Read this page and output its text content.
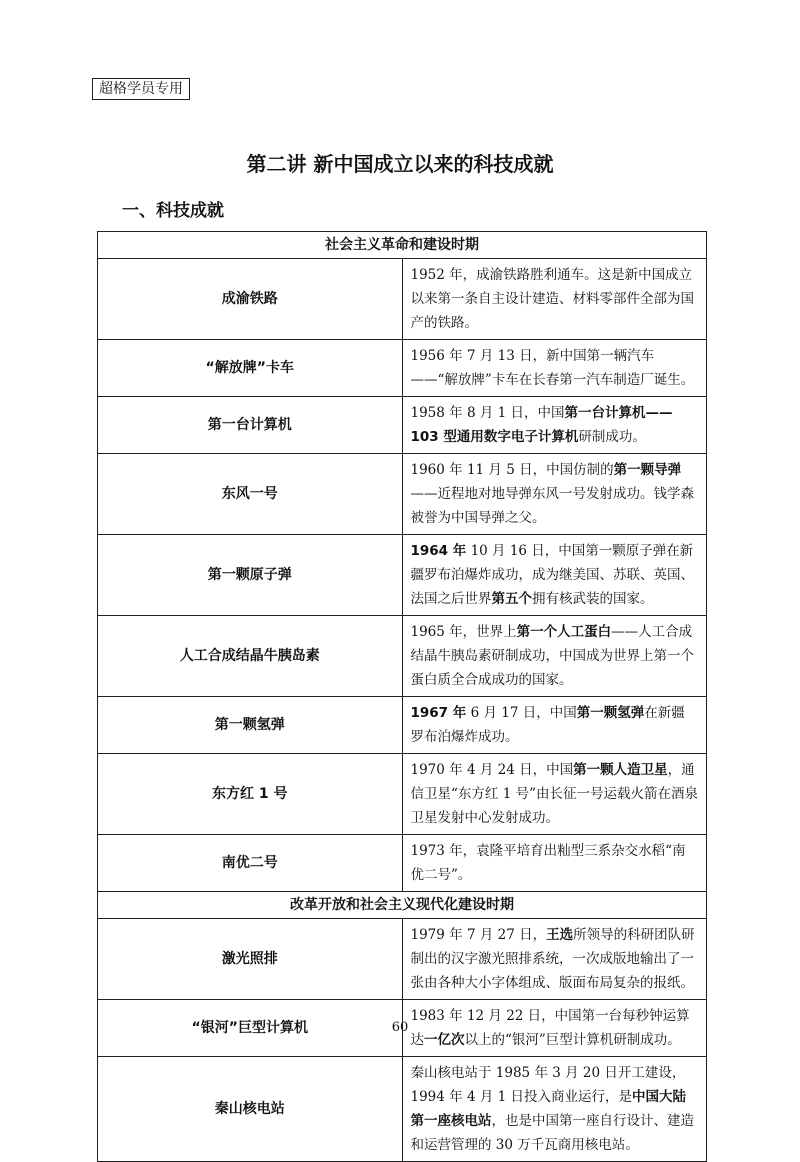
超格学员专用
第二讲 新中国成立以来的科技成就
一、科技成就
社会主义革命和建设时期	
成渝铁路	1952 年，成渝铁路胜利通车。这是新中国成立以来第一条自主设计建造、材料零部件全部为国产的铁路。
“解放牌”卡车	1956 年 7 月 13 日，新中国第一辆汽车——“解放牌”卡车在长春第一汽车制造厂诞生。
第一台计算机	1958 年 8 月 1 日，中国第一台计算机——103 型通用数字电子计算机研制成功。
东风一号	1960 年 11 月 5 日，中国仿制的第一颗导弹——近程地对地导弹东风一号发射成功。钱学森被誉为中国导弹之父。
第一颗原子弹	1964 年 10 月 16 日，中国第一颗原子弹在新疆罗布泊爆炸成功，成为继美国、苏联、英国、法国之后世界第五个拥有核武装的国家。
人工合成结晶牛胰岛素	1965 年，世界上第一个人工蛋白——人工合成结晶牛胰岛素研制成功，中国成为世界上第一个蛋白质全合成成功的国家。
第一颗氢弹	1967 年 6 月 17 日，中国第一颗氢弹在新疆罗布泊爆炸成功。
东方红 1 号	1970 年 4 月 24 日，中国第一颗人造卫星，通信卫星“东方红 1 号”由长征一号运载火箭在酒泉卫星发射中心发射成功。
南优二号	1973 年，袁隆平培育出籼型三系杂交水稻“南优二号”。
改革开放和社会主义现代化建设时期	
激光照排	1979 年 7 月 27 日，王选所领导的科研团队研制出的汉字激光照排系统，一次成版地输出了一张由各种大小字体组成、版面布局复杂的报纸。
“银河”巨型计算机	1983 年 12 月 22 日，中国第一台每秒钟运算达一亿次以上的“银河”巨型计算机研制成功。
秦山核电站	秦山核电站于 1985 年 3 月 20 日开工建设，1994 年 4 月 1 日投入商业运行，是中国大陆第一座核电站，也是中国第一座自行设计、建造和运营管理的 30 万千瓦商用核电站。
60
